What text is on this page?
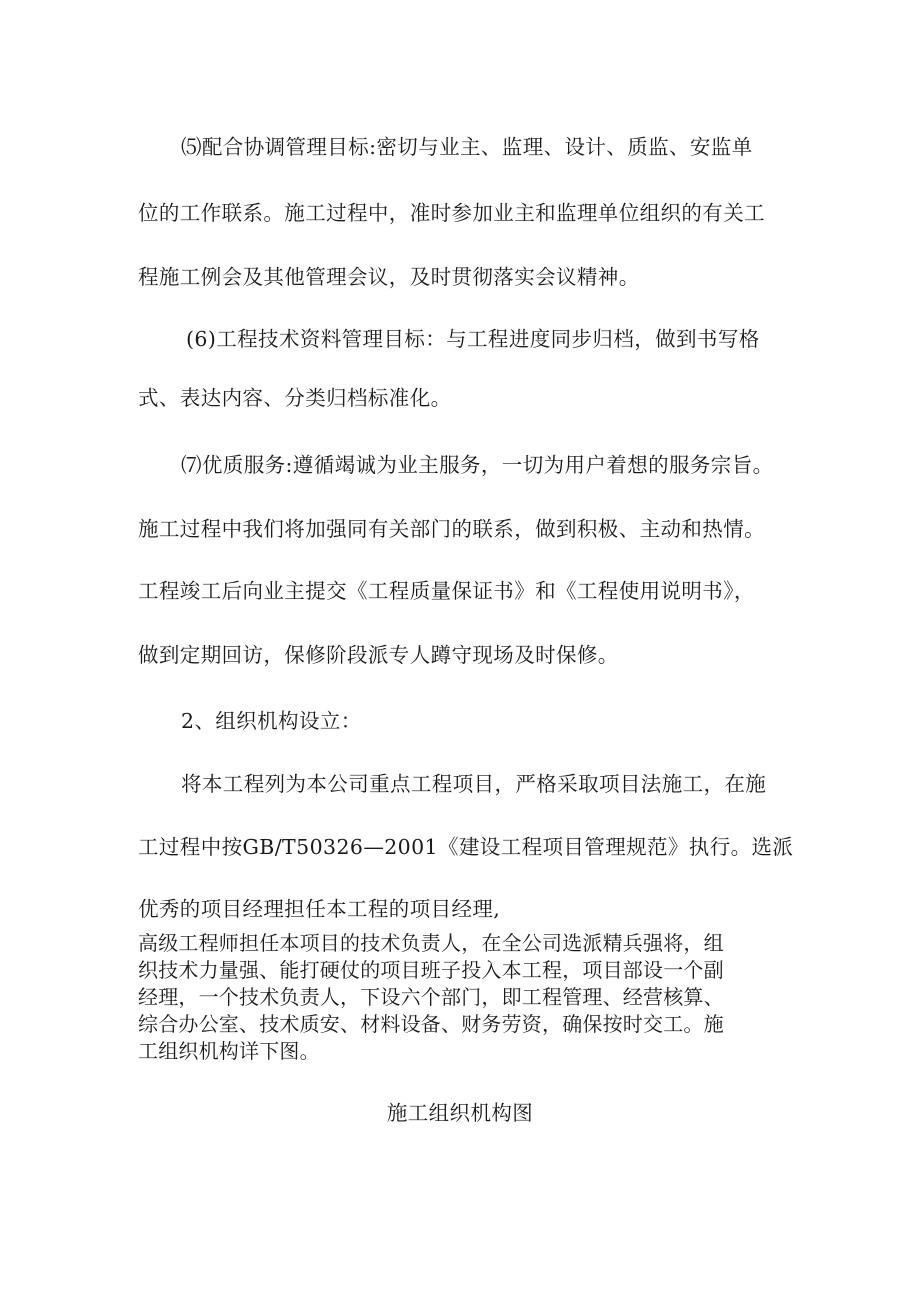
⑸配合协调管理目标:密切与业主、监理、设计、质监、安监单
位的工作联系。施工过程中，准时参加业主和监理单位组织的有关工
程施工例会及其他管理会议，及时贯彻落实会议精神。
(6)工程技术资料管理目标：与工程进度同步归档，做到书写格
式、表达内容、分类归档标准化。
⑺优质服务:遵循竭诚为业主服务，一切为用户着想的服务宗旨。
施工过程中我们将加强同有关部门的联系，做到积极、主动和热情。
工程竣工后向业主提交《工程质量保证书》和《工程使用说明书》，
做到定期回访，保修阶段派专人蹲守现场及时保修。
2、组织机构设立：
将本工程列为本公司重点工程项目，严格采取项目法施工，在施
工过程中按GB/T50326—2001《建设工程项目管理规范》执行。选派
优秀的项目经理担任本工程的项目经理,
高级工程师担任本项目的技术负责人，在全公司选派精兵强将，组
织技术力量强、能打硬仗的项目班子投入本工程，项目部设一个副
经理，一个技术负责人，下设六个部门，即工程管理、经营核算、
综合办公室、技术质安、材料设备、财务劳资，确保按时交工。施
工组织机构详下图。
施工组织机构图
